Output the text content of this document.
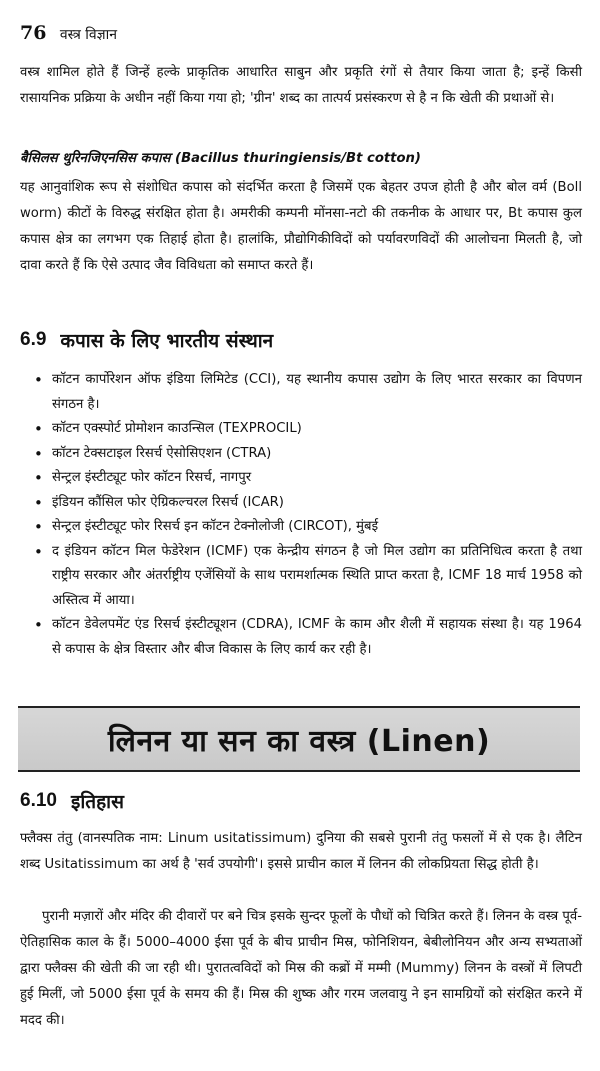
76 वस्त्र विज्ञान

वस्त्र शामिल होते हैं जिन्हें हल्के प्राकृतिक आधारित साबुन और प्रकृति रंगों से तैयार किया जाता है; इन्हें किसी रासायनिक प्रक्रिया के अधीन नहीं किया गया हो; 'ग्रीन' शब्द का तात्पर्य प्रसंस्करण से है न कि खेती की प्रथाओं से।

बैसिलस थुरिनजिएनसिस कपास (Bacillus thuringiensis/Bt cotton)

यह आनुवांशिक रूप से संशोधित कपास को संदर्भित करता है जिसमें एक बेहतर उपज होती है और बोल वर्म (Boll worm) कीटों के विरुद्ध संरक्षित होता है। अमरीकी कम्पनी मोंनसा-नटो की तकनीक के आधार पर, Bt कपास कुल कपास क्षेत्र का लगभग एक तिहाई होता है। हालांकि, प्रौद्योगिकीविदों को पर्यावरणविदों की आलोचना मिलती है, जो दावा करते हैं कि ऐसे उत्पाद जैव विविधता को समाप्त करते हैं।

6.9 कपास के लिए भारतीय संस्थान
• कॉटन कार्पोरेशन ऑफ इंडिया लिमिटेड (CCI), यह स्थानीय कपास उद्योग के लिए भारत सरकार का विपणन संगठन है।
• कॉटन एक्स्पोर्ट प्रोमोशन काउन्सिल (TEXPROCIL)
• कॉटन टेक्सटाइल रिसर्च ऐसोसिएशन (CTRA)
• सेन्ट्रल इंस्टीट्यूट फोर कॉटन रिसर्च, नागपुर
• इंडियन कौंसिल फोर ऐग्रिकल्चरल रिसर्च (ICAR)
• सेन्ट्रल इंस्टीट्यूट फोर रिसर्च इन कॉटन टेक्नोलोजी (CIRCOT), मुंबई
• द इंडियन कॉटन मिल फेडेरेशन (ICMF) एक केन्द्रीय संगठन है जो मिल उद्योग का प्रतिनिधित्व करता है तथा राष्ट्रीय सरकार और अंतर्राष्ट्रीय एजेंसियों के साथ परामर्शात्मक स्थिति प्राप्त करता है, ICMF 18 मार्च 1958 को अस्तित्व में आया।
• कॉटन डेवेलपमेंट एंड रिसर्च इंस्टीट्यूशन (CDRA), ICMF के काम और शैली में सहायक संस्था है। यह 1964 से कपास के क्षेत्र विस्तार और बीज विकास के लिए कार्य कर रही है।
लिनन या सन का वस्त्र (Linen)
6.10 इतिहास

फ्लैक्स तंतु (वानस्पतिक नाम: Linum usitatissimum) दुनिया की सबसे पुरानी तंतु फसलों में से एक है। लैटिन शब्द Usitatissimum का अर्थ है 'सर्व उपयोगी'। इससे प्राचीन काल में लिनन की लोकप्रियता सिद्ध होती है।

पुरानी मज़ारों और मंदिर की दीवारों पर बने चित्र इसके सुन्दर फूलों के पौधों को चित्रित करते हैं। लिनन के वस्त्र पूर्व-ऐतिहासिक काल के हैं। 5000–4000 ईसा पूर्व के बीच प्राचीन मिस्र, फोनिशियन, बेबीलोनियन और अन्य सभ्यताओं द्वारा फ्लैक्स की खेती की जा रही थी। पुरातत्वविदों को मिस्र की कब्रों में मम्मी (Mummy) लिनन के वस्त्रों में लिपटी हुई मिलीं, जो 5000 ईसा पूर्व के समय की हैं। मिस्र की शुष्क और गरम जलवायु ने इन सामग्रियों को संरक्षित करने में मदद की।
